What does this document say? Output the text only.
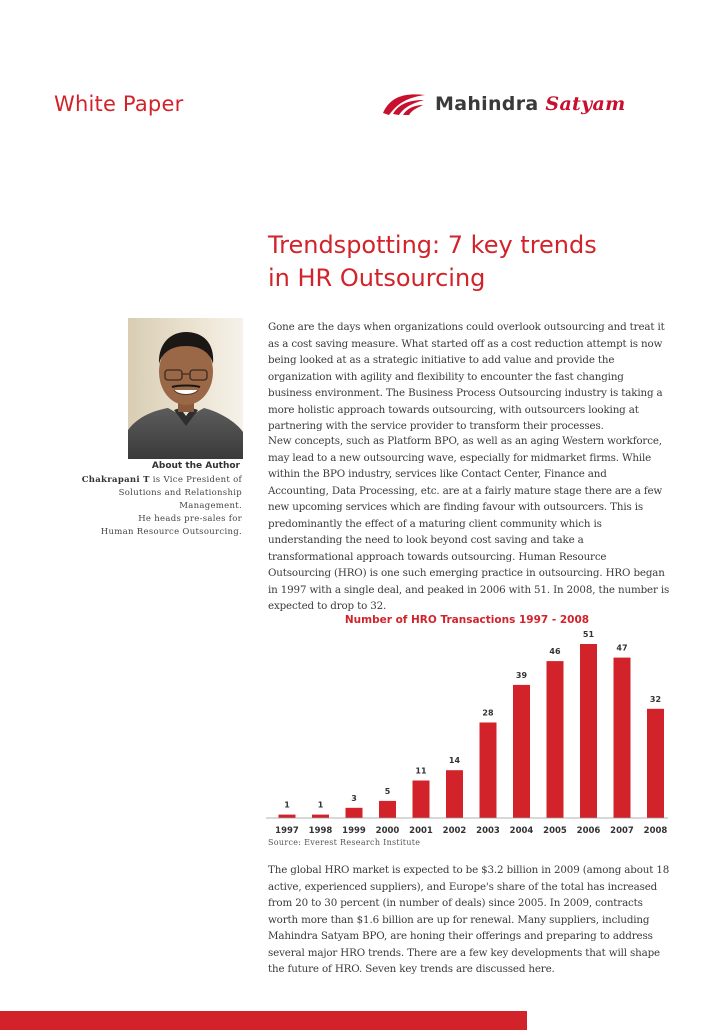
White Paper	Mahindra Satyam
Trendspotting: 7 key trends
in HR Outsourcing
About the Author
Chakrapani T is Vice President of
Solutions and Relationship Management.
He heads pre-sales for
Human Resource Outsourcing.
Gone are the days when organizations could overlook outsourcing and treat it as a cost saving measure. What started off as a cost reduction attempt is now being looked at as a strategic initiative to add value and provide the organization with agility and flexibility to encounter the fast changing business environment. The Business Process Outsourcing industry is taking a more holistic approach towards outsourcing, with outsourcers looking at partnering with the service provider to transform their processes.
New concepts, such as Platform BPO, as well as an aging Western workforce, may lead to a new outsourcing wave, especially for midmarket firms. While within the BPO industry, services like Contact Center, Finance and Accounting, Data Processing, etc. are at a fairly mature stage there are a few new upcoming services which are finding favour with outsourcers. This is predominantly the effect of a maturing client community which is understanding the need to look beyond cost saving and take a transformational approach towards outsourcing. Human Resource Outsourcing (HRO) is one such emerging practice in outsourcing. HRO began in 1997 with a single deal, and peaked in 2006 with 51. In 2008, the number is expected to drop to 32.
Number of HRO Transactions 1997 - 2008
1
1997
1
1998
3
1999
5
2000
11
2001
14
2002
28
2003
39
2004
46
2005
51
2006
47
2007
32
2008
Source: Everest Research Institute
The global HRO market is expected to be $3.2 billion in 2009 (among about 18 active, experienced suppliers), and Europe's share of the total has increased from 20 to 30 percent (in number of deals) since 2005. In 2009, contracts worth more than $1.6 billion are up for renewal. Many suppliers, including Mahindra Satyam BPO, are honing their offerings and preparing to address several major HRO trends. There are a few key developments that will shape the future of HRO. Seven key trends are discussed here.
